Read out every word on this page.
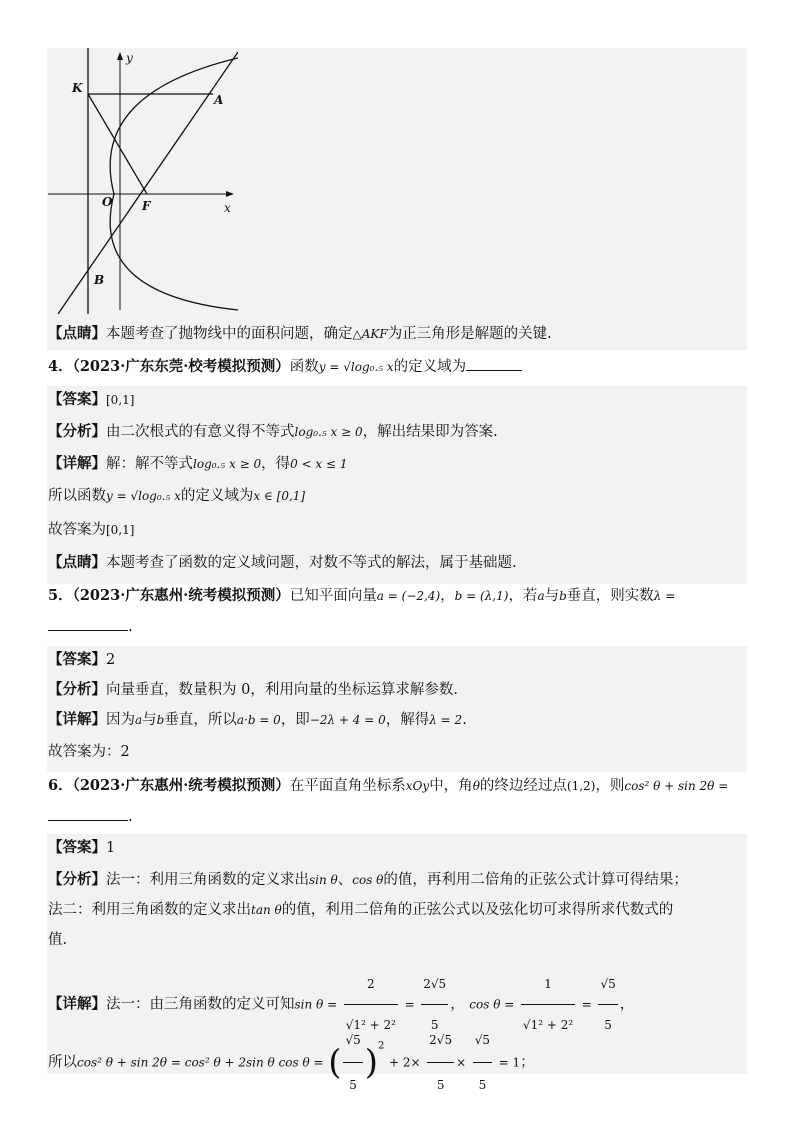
K
A
O F
B
x
y
【点睛】本题考查了抛物线中的面积问题，确定△AKF为正三角形是解题的关键.
4．（2023·广东东莞·校考模拟预测）函数y = √log₀.₅ x的定义域为
【答案】[0,1]
【分析】由二次根式的有意义得不等式log₀.₅ x ≥ 0，解出结果即为答案.
【详解】解：解不等式log₀.₅ x ≥ 0，得0 < x ≤ 1
所以函数y = √log₀.₅ x的定义域为x ∈ [0,1]
故答案为[0,1]
【点睛】本题考查了函数的定义域问题，对数不等式的解法，属于基础题.
5．（2023·广东惠州·统考模拟预测）已知平面向量a = (−2,4)，b = (λ,1)，若a与b垂直，则实数λ =
.
【答案】2
【分析】向量垂直，数量积为 0，利用向量的坐标运算求解参数.
【详解】因为a与b垂直，所以a·b = 0，即−2λ + 4 = 0，解得λ = 2.
故答案为：2
6．（2023·广东惠州·统考模拟预测）在平面直角坐标系xOy中，角θ的终边经过点(1,2)，则cos² θ + sin 2θ =
.
【答案】1
【分析】法一：利用三角函数的定义求出sin θ、cos θ的值，再利用二倍角的正弦公式计算可得结果；
法二：利用三角函数的定义求出tan θ的值，利用二倍角的正弦公式以及弦化切可求得所求代数式的
值.
【详解】法一：由三角函数的定义可知$\sin \theta = \frac{2}{\text{√1² + 2²}} = \frac{2√5}{5}$ ， $\cos \theta = \frac{1}{\text{√1² + 2²}} = \frac{√5}{5}$ ，
所以cos² θ + sin 2θ = cos² θ + 2sin θ cos θ = ( $\frac{√5}{5} )^2 + 2\times \frac{2√5}{5} \times \frac{√5}{5} = 1$；
